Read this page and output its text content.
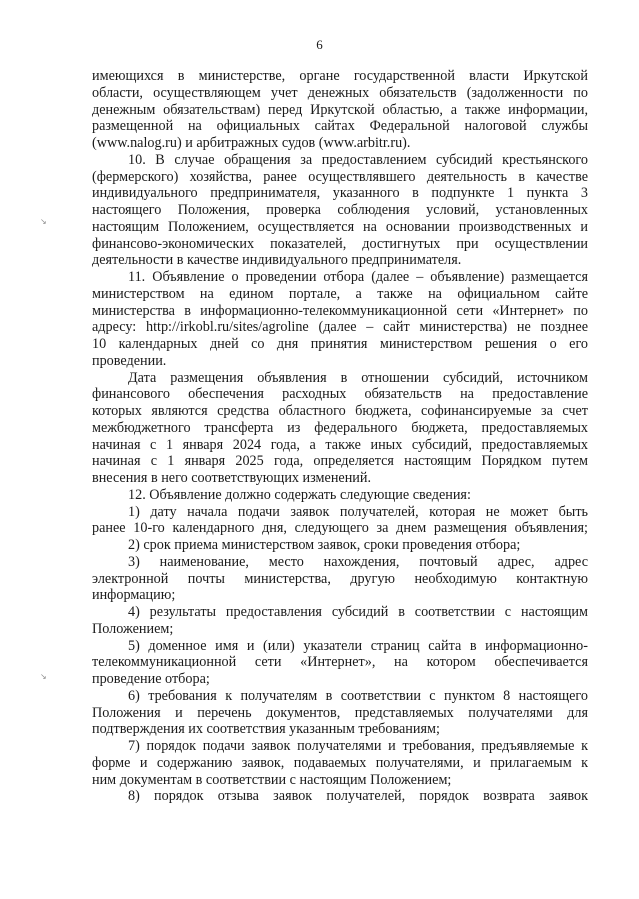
6
↘
↘
имеющихся в министерстве, органе государственной власти Иркутской
области, осуществляющем учет денежных обязательств (задолженности по
денежным обязательствам) перед Иркутской областью, а также информации,
размещенной на официальных сайтах Федеральной налоговой службы
(www.nalog.ru) и арбитражных судов (www.arbitr.ru).
10. В случае обращения за предоставлением субсидий крестьянского
(фермерского) хозяйства, ранее осуществлявшего деятельность в качестве
индивидуального предпринимателя, указанного в подпункте 1 пункта 3
настоящего Положения, проверка соблюдения условий, установленных
настоящим Положением, осуществляется на основании производственных и
финансово-экономических показателей, достигнутых при осуществлении
деятельности в качестве индивидуального предпринимателя.
11. Объявление о проведении отбора (далее – объявление) размещается
министерством на едином портале, а также на официальном сайте
министерства в информационно-телекоммуникационной сети «Интернет» по
адресу: http://irkobl.ru/sites/agroline (далее – сайт министерства) не позднее
10 календарных дней со дня принятия министерством решения о его
проведении.
Дата размещения объявления в отношении субсидий, источником
финансового обеспечения расходных обязательств на предоставление
которых являются средства областного бюджета, софинансируемые за счет
межбюджетного трансферта из федерального бюджета, предоставляемых
начиная с 1 января 2024 года, а также иных субсидий, предоставляемых
начиная с 1 января 2025 года, определяется настоящим Порядком путем
внесения в него соответствующих изменений.
12. Объявление должно содержать следующие сведения:
1) дату начала подачи заявок получателей, которая не может быть
ранее 10-го календарного дня, следующего за днем размещения объявления;
2) срок приема министерством заявок, сроки проведения отбора;
3) наименование, место нахождения, почтовый адрес, адрес
электронной почты министерства, другую необходимую контактную
информацию;
4) результаты предоставления субсидий в соответствии с настоящим
Положением;
5) доменное имя и (или) указатели страниц сайта в информационно-
телекоммуникационной сети «Интернет», на котором обеспечивается
проведение отбора;
6) требования к получателям в соответствии с пунктом 8 настоящего
Положения и перечень документов, представляемых получателями для
подтверждения их соответствия указанным требованиям;
7) порядок подачи заявок получателями и требования, предъявляемые к
форме и содержанию заявок, подаваемых получателями, и прилагаемым к
ним документам в соответствии с настоящим Положением;
8) порядок отзыва заявок получателей, порядок возврата заявок
